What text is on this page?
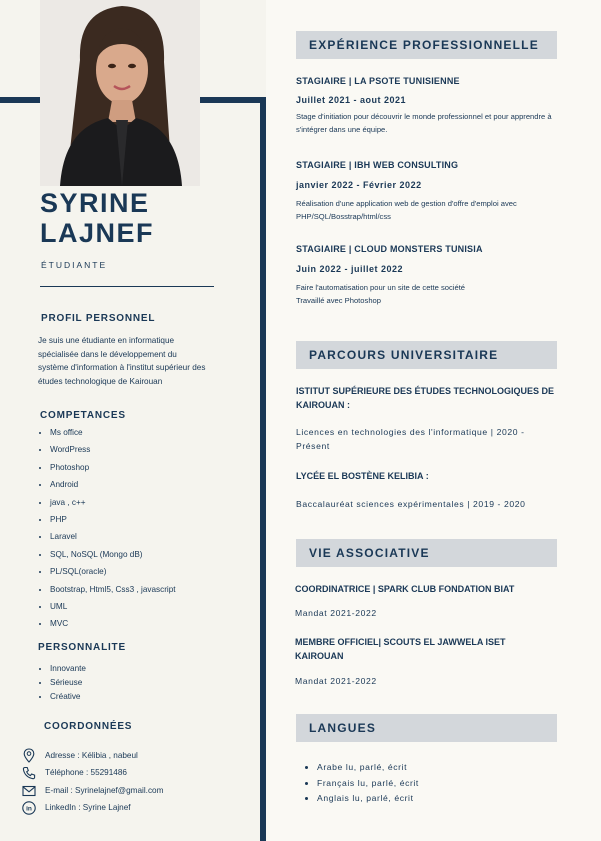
SYRINE
LAJNEF
ÉTUDIANTE
PROFIL PERSONNEL
Je suis une étudiante en informatique spécialisée dans le développement du système d'information à l'institut supérieur des études technologique de Kairouan
COMPETANCES
• Ms office
• WordPress
• Photoshop
• Android
• java , c++
• PHP
• Laravel
• SQL, NoSQL (Mongo dB)
• PL/SQL(oracle)
• Bootstrap, Html5, Css3 , javascript
• UML
• MVC
PERSONNALITE
• Innovante
• Sérieuse
• Créative
COORDONNÉES
Adresse : Kélibia , nabeul
Téléphone : 55291486
E-mail : Syrinelajnef@gmail.com
in LinkedIn : Syrine Lajnef
EXPÉRIENCE PROFESSIONNELLE
STAGIAIRE | LA PSOTE TUNISIENNE
Juillet 2021 - aout 2021
Stage d'initiation pour découvrir le monde professionnel et pour apprendre à s'intégrer dans une équipe.
STAGIAIRE | IBH WEB CONSULTING
janvier 2022 - Février 2022
Réalisation d'une application web de gestion d'offre d'emploi avec PHP/SQL/Bosstrap/html/css
STAGIAIRE | CLOUD MONSTERS TUNISIA
Juin 2022 - juillet 2022
Faire l'automatisation pour un site de cette société
Travaillé avec Photoshop
PARCOURS UNIVERSITAIRE
ISTITUT SUPÉRIEURE DES ÉTUDES TECHNOLOGIQUES DE KAIROUAN :
Licences en technologies des l'informatique | 2020 - Présent
LYCÉE EL BOSTÈNE KELIBIA :
Baccalauréat sciences expérimentales | 2019 - 2020
VIE ASSOCIATIVE
COORDINATRICE | SPARK CLUB FONDATION BIAT
Mandat 2021-2022
MEMBRE OFFICIEL| SCOUTS EL JAWWELA ISET KAIROUAN
Mandat 2021-2022
LANGUES
• Arabe lu, parlé, écrit
• Français lu, parlé, écrit
• Anglais lu, parlé, écrit
